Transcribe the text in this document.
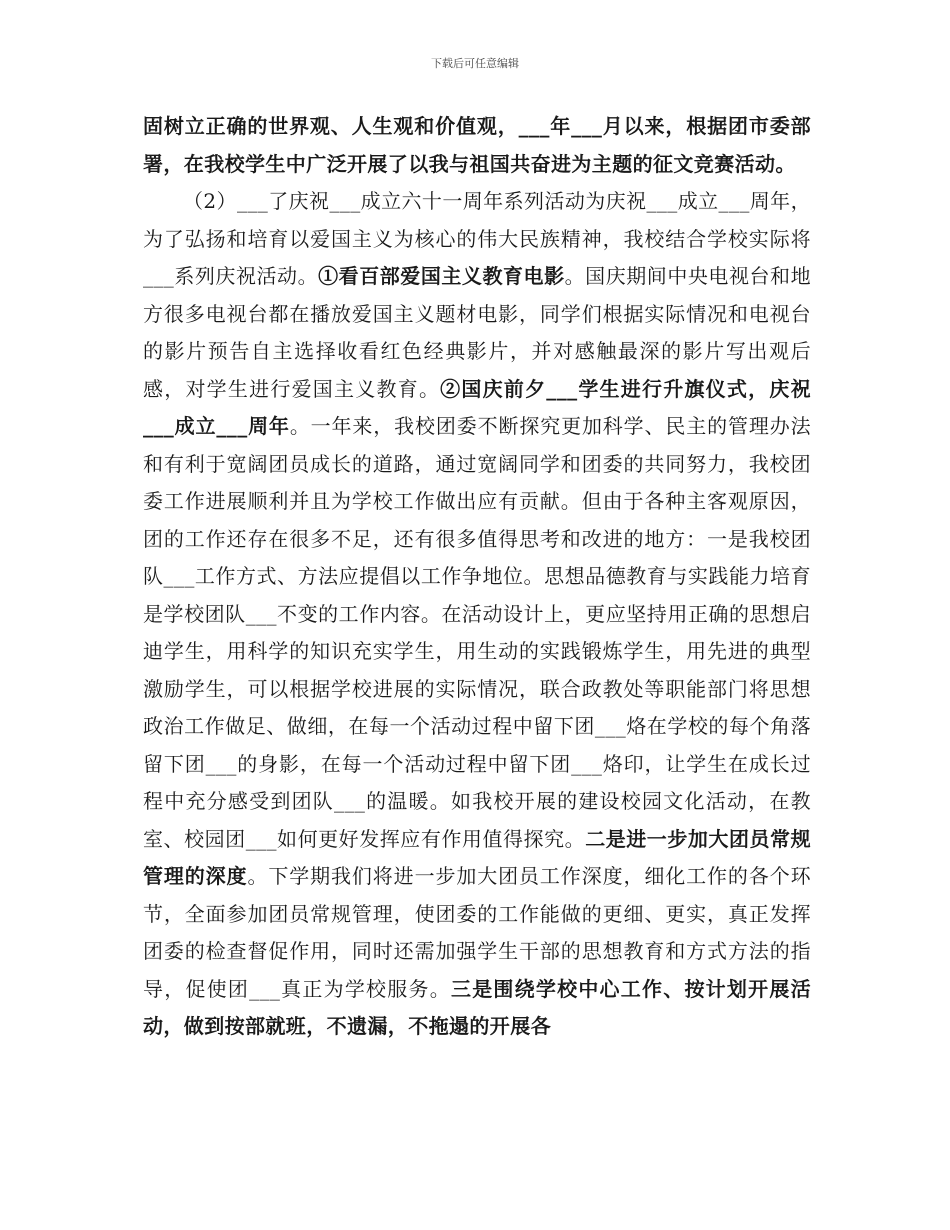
下载后可任意编辑

固树立正确的世界观、人生观和价值观，___年___月以来，根据团市委部署，在我校学生中广泛开展了以我与祖国共奋进为主题的征文竞赛活动。

（2）___了庆祝___成立六十一周年系列活动为庆祝___成立___周年，为了弘扬和培育以爱国主义为核心的伟大民族精神，我校结合学校实际将___系列庆祝活动。①看百部爱国主义教育电影。国庆期间中央电视台和地方很多电视台都在播放爱国主义题材电影，同学们根据实际情况和电视台的影片预告自主选择收看红色经典影片，并对感触最深的影片写出观后感，对学生进行爱国主义教育。②国庆前夕___学生进行升旗仪式，庆祝___成立___周年。一年来，我校团委不断探究更加科学、民主的管理办法和有利于宽阔团员成长的道路，通过宽阔同学和团委的共同努力，我校团委工作进展顺利并且为学校工作做出应有贡献。但由于各种主客观原因，团的工作还存在很多不足，还有很多值得思考和改进的地方：一是我校团队___工作方式、方法应提倡以工作争地位。思想品德教育与实践能力培育是学校团队___不变的工作内容。在活动设计上，更应坚持用正确的思想启迪学生，用科学的知识充实学生，用生动的实践锻炼学生，用先进的典型激励学生，可以根据学校进展的实际情况，联合政教处等职能部门将思想政治工作做足、做细，在每一个活动过程中留下团___烙在学校的每个角落留下团___的身影，在每一个活动过程中留下团___烙印，让学生在成长过程中充分感受到团队___的温暖。如我校开展的建设校园文化活动，在教室、校园团___如何更好发挥应有作用值得探究。二是进一步加大团员常规管理的深度。下学期我们将进一步加大团员工作深度，细化工作的各个环节，全面参加团员常规管理，使团委的工作能做的更细、更实，真正发挥团委的检查督促作用，同时还需加强学生干部的思想教育和方式方法的指导，促使团___真正为学校服务。三是围绕学校中心工作、按计划开展活动，做到按部就班，不遗漏，不拖遢的开展各
